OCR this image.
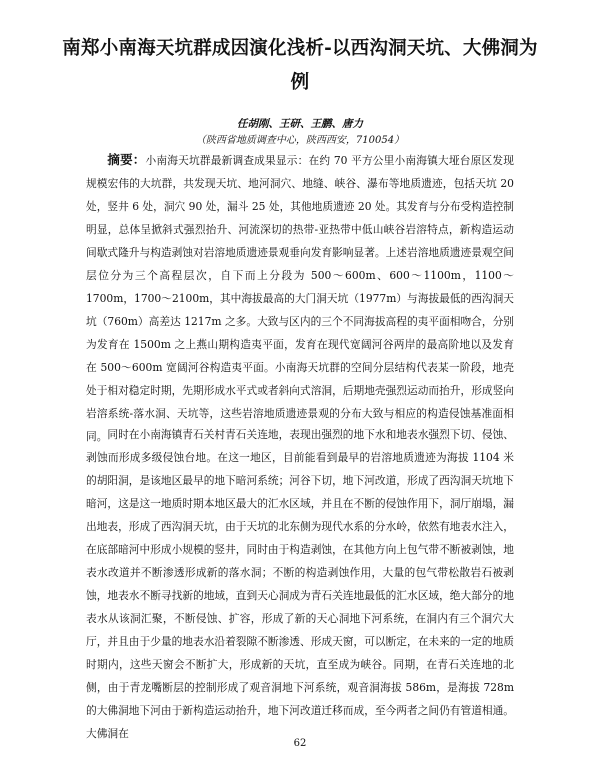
南郑小南海天坑群成因演化浅析-以西沟洞天坑、大佛洞为例
任胡刚、王研、王鹏、唐力
（陕西省地质调查中心，陕西西安，710054）

摘要：小南海天坑群最新调查成果显示：在约 70 平方公里小南海镇大垭台原区发现规模宏伟的大坑群，共发现天坑、地河洞穴、地缝、峡谷、瀑布等地质遗迹，包括天坑 20 处，竖井 6 处，洞穴 90 处，漏斗 25 处，其他地质遗迹 20 处。其发育与分布受构造控制明显，总体呈掀斜式强烈抬升、河流深切的热带-亚热带中低山峡谷岩溶特点，新构造运动间歇式隆升与构造剥蚀对岩溶地质遗迹景观垂向发育影响显著。上述岩溶地质遗迹景观空间层位分为三个高程层次，自下而上分段为 500～600m、600～1100m，1100～1700m，1700～2100m，其中海拔最高的大门洞天坑（1977m）与海拔最低的西沟洞天坑（760m）高差达 1217m 之多。大致与区内的三个不同海拔高程的夷平面相吻合，分别为发育在 1500m 之上燕山期构造夷平面，发育在现代宽阔河谷两岸的最高阶地以及发育在 500～600m 宽阔河谷构造夷平面。小南海天坑群的空间分层结构代表某一阶段，地壳处于相对稳定时期，先期形成水平式或者斜向式溶洞，后期地壳强烈运动而抬升，形成竖向岩溶系统-落水洞、天坑等，这些岩溶地质遗迹景观的分布大致与相应的构造侵蚀基准面相同。 同时在小南海镇青石关村青石关连地，表现出强烈的地下水和地表水强烈下切、侵蚀、剥蚀而形成多级侵蚀台地。在这一地区，目前能看到最早的岩溶地质遗迹为海拔 1104 米的胡阳洞，是该地区最早的地下暗河系统；河谷下切，地下河改道，形成了西沟洞天坑地下暗河，这是这一地质时期本地区最大的汇水区域，并且在不断的侵蚀作用下，洞厅崩塌，漏出地表，形成了西沟洞天坑，由于天坑的北东侧为现代水系的分水岭，依然有地表水注入，在底部暗河中形成小规模的竖井，同时由于构造剥蚀，在其他方向上包气带不断被剥蚀，地表水改道并不断渗透形成新的落水洞；不断的构造剥蚀作用，大量的包气带松散岩石被剥蚀，地表水不断寻找新的地域，直到天心洞成为青石关连地最低的汇水区域，绝大部分的地表水从该洞汇聚，不断侵蚀、扩容，形成了新的天心洞地下河系统，在洞内有三个洞穴大厅，并且由于少量的地表水沿着裂隙不断渗透、形成天窗，可以断定，在未来的一定的地质时期内，这些天窗会不断扩大，形成新的天坑，直至成为峡谷。同期，在青石关连地的北侧，由于青龙嘴断层的控制形成了观音洞地下河系统，观音洞海拔 586m，是海拔 728m 的大佛洞地下河由于新构造运动抬升，地下河改道迁移而成，至今两者之间仍有管道相通。大佛洞在

62
